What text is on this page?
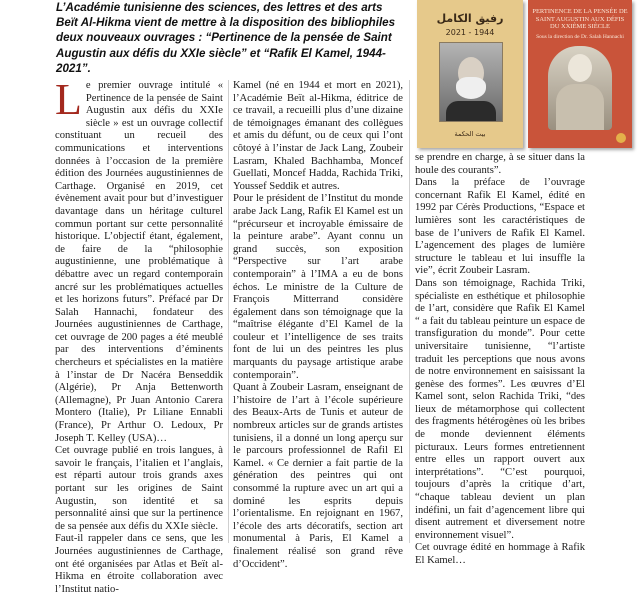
L’Académie tunisienne des sciences, des lettres et des arts Beït Al-Hikma vient de mettre à la disposition des bibliophiles deux nouveaux ouvrages : “Pertinence de la pensée de Saint Augustin aux défis du XXIe siècle” et “Rafik El Kamel, 1944-2021”.
رفيق الكامل
2021 - 1944
بيت الحكمة
PERTINENCE DE LA PENSÉE DE SAINT AUGUSTIN AUX DÉFIS DU XXIÈME SIÈCLE
Sous la direction de Dr. Salah Hannachi
L e premier ouvrage intitulé « Pertinence de la pensée de Saint Augustin aux défis du XXIe siècle » est un ouvrage collectif constituant un recueil des communications et interventions données à l’occasion de la première édition des Journées augustiniennes de Carthage. Organisé en 2019, cet évènement avait pour but d’investiguer davantage dans un héritage culturel commun portant sur cette personnalité historique. L’objectif étant, également, de faire de la “philosophie augustinienne, une problématique à débattre avec un regard contemporain ancré sur les problématiques actuelles et les horizons futurs”. Préfacé par Dr Salah Hannachi, fondateur des Journées augustiniennes de Carthage, cet ouvrage de 200 pages a été meublé par des interventions d’éminents chercheurs et spécialistes en la matière à l’instar de Dr Nacéra Benseddik (Algérie), Pr Anja Bettenworth (Allemagne), Pr Juan Antonio Carera Montero (Italie), Pr Liliane Ennabli (France), Pr Arthur O. Ledoux, Pr Joseph T. Kelley (USA)…

Cet ouvrage publié en trois langues, à savoir le français, l’italien et l’anglais, est réparti autour trois grands axes portant sur les origines de Saint Augustin, son identité et sa personnalité ainsi que sur la pertinence de sa pensée aux défis du XXIe siècle.

Faut-il rappeler dans ce sens, que les Journées augustiniennes de Carthage, ont été organisées par Atlas et Beït al-Hikma en étroite collaboration avec l’Institut natio-

Kamel (né en 1944 et mort en 2021), l’Académie Beït al-Hikma, éditrice de ce travail, a recueilli plus d’une dizaine de témoignages émanant des collègues et amis du défunt, ou de ceux qui l’ont côtoyé à l’instar de Jack Lang, Zoubeir Lasram, Khaled Bachhamba, Moncef Guellati, Moncef Hadda, Rachida Triki, Youssef Seddik et autres.

Pour le président de l’Institut du monde arabe Jack Lang, Rafik El Kamel est un “précurseur et incroyable émissaire de la peinture arabe”. Ayant connu un grand succès, son exposition “Perspective sur l’art arabe contemporain” à l’IMA a eu de bons échos. Le ministre de la Culture de François Mitterrand considère également dans son témoignage que la “maîtrise élégante d’El Kamel de la couleur et l’intelligence de ses traits font de lui un des peintres les plus marquants du paysage artistique arabe contemporain”.

Quant à Zoubeir Lasram, enseignant de l’histoire de l’art à l’école supérieure des Beaux-Arts de Tunis et auteur de nombreux articles sur de grands artistes tunisiens, il a donné un long aperçu sur le parcours professionnel de Rafil El Kamel. « Ce dernier a fait partie de la génération des peintres qui ont consommé la rupture avec un art qui a dominé les esprits depuis l’orientalisme. En rejoignant en 1967, l’école des arts décoratifs, section art monumental à Paris, El Kamel a finalement réalisé son grand rêve d’Occident”.

se prendre en charge, à se situer dans la houle des courants”.

Dans la préface de l’ouvrage concernant Rafik El Kamel, édité en 1992 par Cérès Productions, “Espace et lumières sont les caractéristiques de base de l’univers de Rafik El Kamel. L’agencement des plages de lumière structure le tableau et lui insuffle la vie”, écrit Zoubeir Lasram.

Dans son témoignage, Rachida Triki, spécialiste en esthétique et philosophie de l’art, considère que Rafik El Kamel “ a fait du tableau peinture un espace de transfiguration du monde”. Pour cette universitaire tunisienne, “l’artiste traduit les perceptions que nous avons de notre environnement en saisissant la genèse des formes”. Les œuvres d’El Kamel sont, selon Rachida Triki, “des lieux de métamorphose qui collectent des fragments hétérogènes où les bribes de monde deviennent éléments picturaux. Leurs formes entretiennent entre elles un rapport ouvert aux interprétations”. “C’est pourquoi, toujours d’après la critique d’art, “chaque tableau devient un plan indéfini, un fait d’agencement libre qui disent autrement et diversement notre environnement visuel”.

Cet ouvrage édité en hommage à Rafik El Kamel…
